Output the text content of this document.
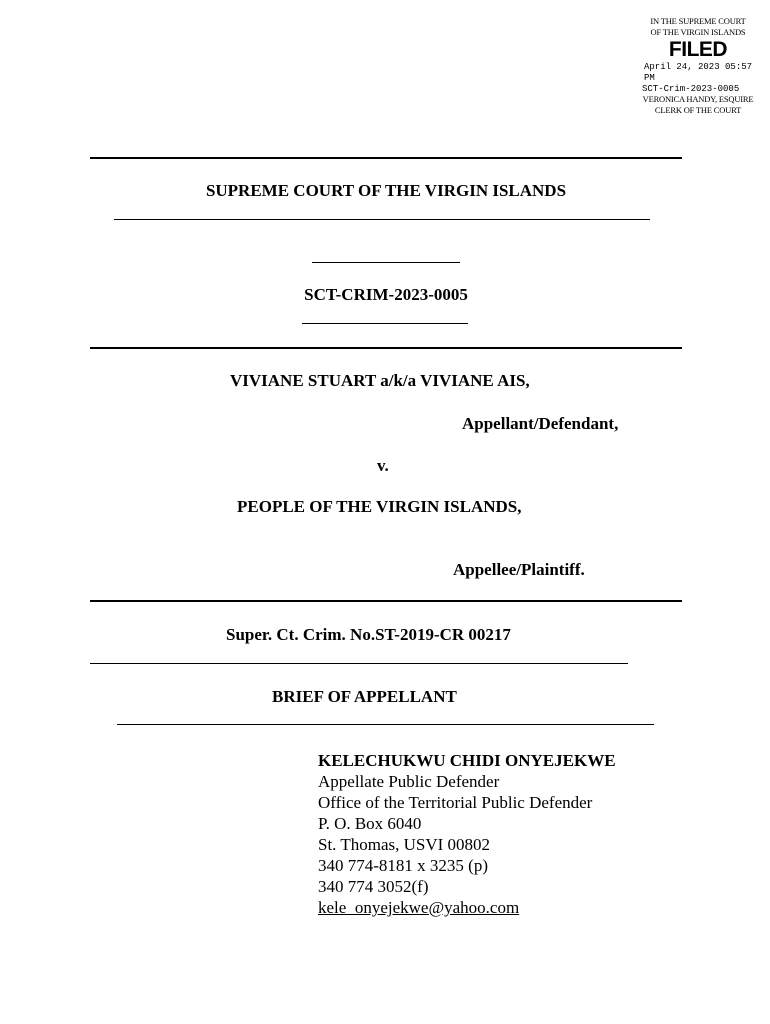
IN THE SUPREME COURT
OF THE VIRGIN ISLANDS
FILED
April 24, 2023 05:57 PM
SCT-Crim-2023-0005
VERONICA HANDY, ESQUIRE
CLERK OF THE COURT
SUPREME COURT OF THE VIRGIN ISLANDS
SCT-CRIM-2023-0005
VIVIANE STUART a/k/a VIVIANE AIS,
Appellant/Defendant,
v.
PEOPLE OF THE VIRGIN ISLANDS,
Appellee/Plaintiff.
Super. Ct. Crim. No.ST-2019-CR 00217
BRIEF OF APPELLANT
KELECHUKWU CHIDI ONYEJEKWE
Appellate Public Defender
Office of the Territorial Public Defender
P. O. Box 6040
St. Thomas, USVI 00802
340 774-8181 x 3235 (p)
340 774 3052(f)
kele_onyejekwe@yahoo.com
